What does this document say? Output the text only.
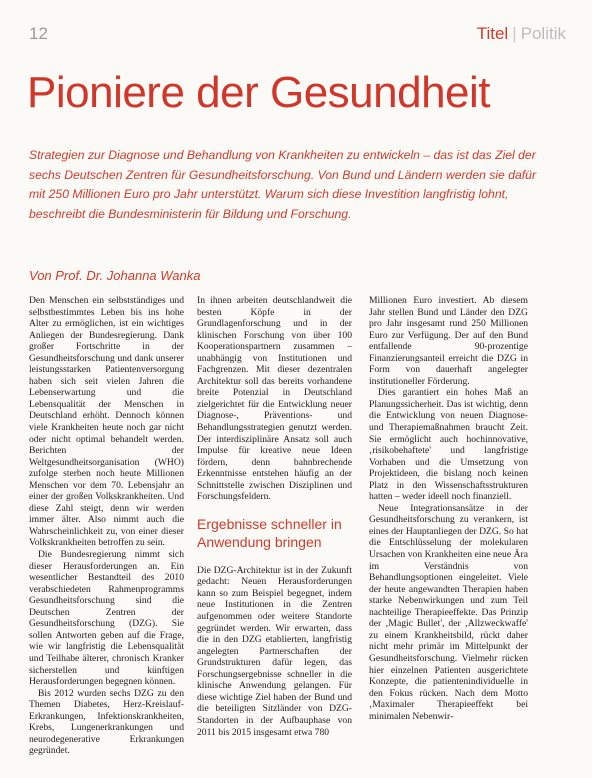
12	Titel | Politik
Pioniere der Gesundheit

Strategien zur Diagnose und Behandlung von Krankheiten zu entwickeln – das ist das Ziel der sechs Deutschen Zentren für Gesundheitsforschung. Von Bund und Ländern werden sie dafür mit 250 Millionen Euro pro Jahr unterstützt. Warum sich diese Investition langfristig lohnt, beschreibt die Bundesministerin für Bildung und Forschung.

Von Prof. Dr. Johanna Wanka

Den Menschen ein selbstständiges und selbstbestimmtes Leben bis ins hohe Alter zu ermöglichen, ist ein wichtiges Anliegen der Bundesregierung. Dank großer Fortschritte in der Gesundheitsforschung und dank unserer leistungsstarken Patientenversorgung haben sich seit vielen Jahren die Lebenserwartung und die Lebensqualität der Menschen in Deutschland erhöht. Dennoch können viele Krankheiten heute noch gar nicht oder nicht optimal behandelt werden. Berichten der Weltgesundheitsorganisation (WHO) zufolge sterben noch heute Millionen Menschen vor dem 70. Lebensjahr an einer der großen Volkskrankheiten. Und diese Zahl steigt, denn wir werden immer älter. Also nimmt auch die Wahrscheinlichkeit zu, von einer dieser Volkskrankheiten betroffen zu sein.

Die Bundesregierung nimmt sich dieser Herausforderungen an. Ein wesentlicher Bestandteil des 2010 verabschiedeten Rahmenprogramms Gesundheitsforschung sind die Deutschen Zentren der Gesundheitsforschung (DZG). Sie sollen Antworten geben auf die Frage, wie wir langfristig die Lebensqualität und Teilhabe älterer, chronisch Kranker sicherstellen und künftigen Herausforderungen begegnen können.

Bis 2012 wurden sechs DZG zu den Themen Diabetes, Herz-Kreislauf-Erkrankungen, Infektionskrankheiten, Krebs, Lungenerkrankungen und neurodegenerative Erkrankungen gegründet.

In ihnen arbeiten deutschlandweit die besten Köpfe in der Grundlagenforschung und in der klinischen Forschung von über 100 Kooperationspartnern zusammen – unabhängig von Institutionen und Fachgrenzen. Mit dieser dezentralen Architektur soll das bereits vorhandene breite Potenzial in Deutschland zielgerichtet für die Entwicklung neuer Diagnose-, Präventions- und Behandlungsstrategien genutzt werden. Der interdisziplinäre Ansatz soll auch Impulse für kreative neue Ideen fördern, denn bahnbrechende Erkenntnisse entstehen häufig an der Schnittstelle zwischen Disziplinen und Forschungsfeldern.

Ergebnisse schneller in Anwendung bringen

Die DZG-Architektur ist in der Zukunft gedacht: Neuen Herausforderungen kann so zum Beispiel begegnet, indem neue Institutionen in die Zentren aufgenommen oder weitere Standorte gegründet werden. Wir erwarten, dass die in den DZG etablierten, langfristig angelegten Partnerschaften der Grundstrukturen dafür legen, das Forschungsergebnisse schneller in die klinische Anwendung gelangen. Für diese wichtige Ziel haben der Bund und die beteiligten Sitzländer von DZG-Standorten in der Aufbauphase von 2011 bis 2015 insgesamt etwa 780

Millionen Euro investiert. Ab diesem Jahr stellen Bund und Länder den DZG pro Jahr insgesamt rund 250 Millionen Euro zur Verfügung. Der auf den Bund entfallende 90-prozentige Finanzierungsanteil erreicht die DZG in Form von dauerhaft angelegter institutioneller Förderung.

Dies garantiert ein hohes Maß an Planungssicherheit. Das ist wichtig, denn die Entwicklung von neuen Diagnose- und Therapiemaßnahmen braucht Zeit. Sie ermöglicht auch hochinnovative, ‚risikobehaftete' und langfristige Vorhaben und die Umsetzung von Projektideen, die bislang noch keinen Platz in den Wissenschaftsstrukturen hatten – weder ideell noch finanziell.

Neue Integrationsansätze in der Gesundheitsforschung zu verankern, ist eines der Hauptanliegen der DZG. So hat die Entschlüsselung der molekularen Ursachen von Krankheiten eine neue Ära im Verständnis von Behandlungsoptionen eingeleitet. Viele der heute angewandten Therapien haben starke Nebenwirkungen und zum Teil nachteilige Therapieeffekte. Das Prinzip der ‚Magic Bullet', der ‚Allzweckwaffe' zu einem Krankheitsbild, rückt daher nicht mehr primär im Mittelpunkt der Gesundheitsforschung. Vielmehr rücken hier einzelnen Patienten ausgerichtete Konzepte, die patientenindividuelle in den Fokus rücken. Nach dem Motto ‚Maximaler Therapieeffekt bei minimalen Nebenwir-
